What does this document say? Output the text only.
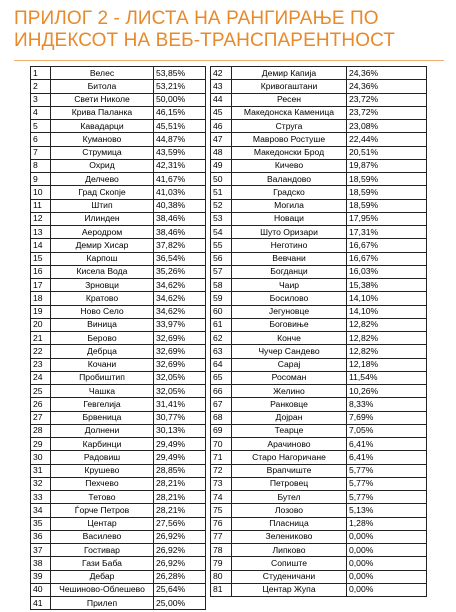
ПРИЛОГ 2 - ЛИСТА НА РАНГИРАЊЕ ПО ИНДЕКСОТ НА ВЕБ-ТРАНСПАРЕНТНОСТ
1	Велес	53,85%		42	Демир Капија	24,36%
2	Битола	53,21%		43	Кривогаштани	24,36%
3	Свети Николе	50,00%		44	Ресен	23,72%
4	Крива Паланка	46,15%		45	Македонска Каменица	23,72%
5	Кавадарци	45,51%		46	Струга	23,08%
6	Куманово	44,87%		47	Маврово Ростуше	22,44%
7	Струмица	43,59%		48	Македонски Брод	20,51%
8	Охрид	42,31%		49	Кичево	19,87%
9	Делчево	41,67%		50	Валандово	18,59%
10	Град Скопје	41,03%		51	Градско	18,59%
11	Штип	40,38%		52	Могила	18,59%
12	Илинден	38,46%		53	Новаци	17,95%
13	Аеродром	38,46%		54	Шуто Оризари	17,31%
14	Демир Хисар	37,82%		55	Неготино	16,67%
15	Карпош	36,54%		56	Вевчани	16,67%
16	Кисела Вода	35,26%		57	Богданци	16,03%
17	Зрновци	34,62%		58	Чаир	15,38%
18	Кратово	34,62%		59	Босилово	14,10%
19	Ново Село	34,62%		60	Јегуновце	14,10%
20	Виница	33,97%		61	Боговиње	12,82%
21	Берово	32,69%		62	Конче	12,82%
22	Дебрца	32,69%		63	Чучер Сандево	12,82%
23	Кочани	32,69%		64	Сарај	12,18%
24	Пробиштип	32,05%		65	Росоман	11,54%
25	Чашка	32,05%		66	Желино	10,26%
26	Гевгелија	31,41%		67	Ранковце	8,33%
27	Брвеница	30,77%		68	Дојран	7,69%
28	Долнени	30,13%		69	Теарце	7,05%
29	Карбинци	29,49%		70	Арачиново	6,41%
30	Радовиш	29,49%		71	Старо Нагоричане	6,41%
31	Крушево	28,85%		72	Врапчиште	5,77%
32	Пехчево	28,21%		73	Петровец	5,77%
33	Тетово	28,21%		74	Бутел	5,77%
34	Ѓорче Петров	28,21%		75	Лозово	5,13%
35	Центар	27,56%		76	Пласница	1,28%
36	Василево	26,92%		77	Зелениково	0,00%
37	Гостивар	26,92%		78	Липково	0,00%
38	Гази Баба	26,92%		79	Сопиште	0,00%
39	Дебар	26,28%		80	Студеничани	0,00%
40	Чешиново-Облешево	25,64%		81	Центар Жупа	0,00%
41	Прилеп	25,00%				
